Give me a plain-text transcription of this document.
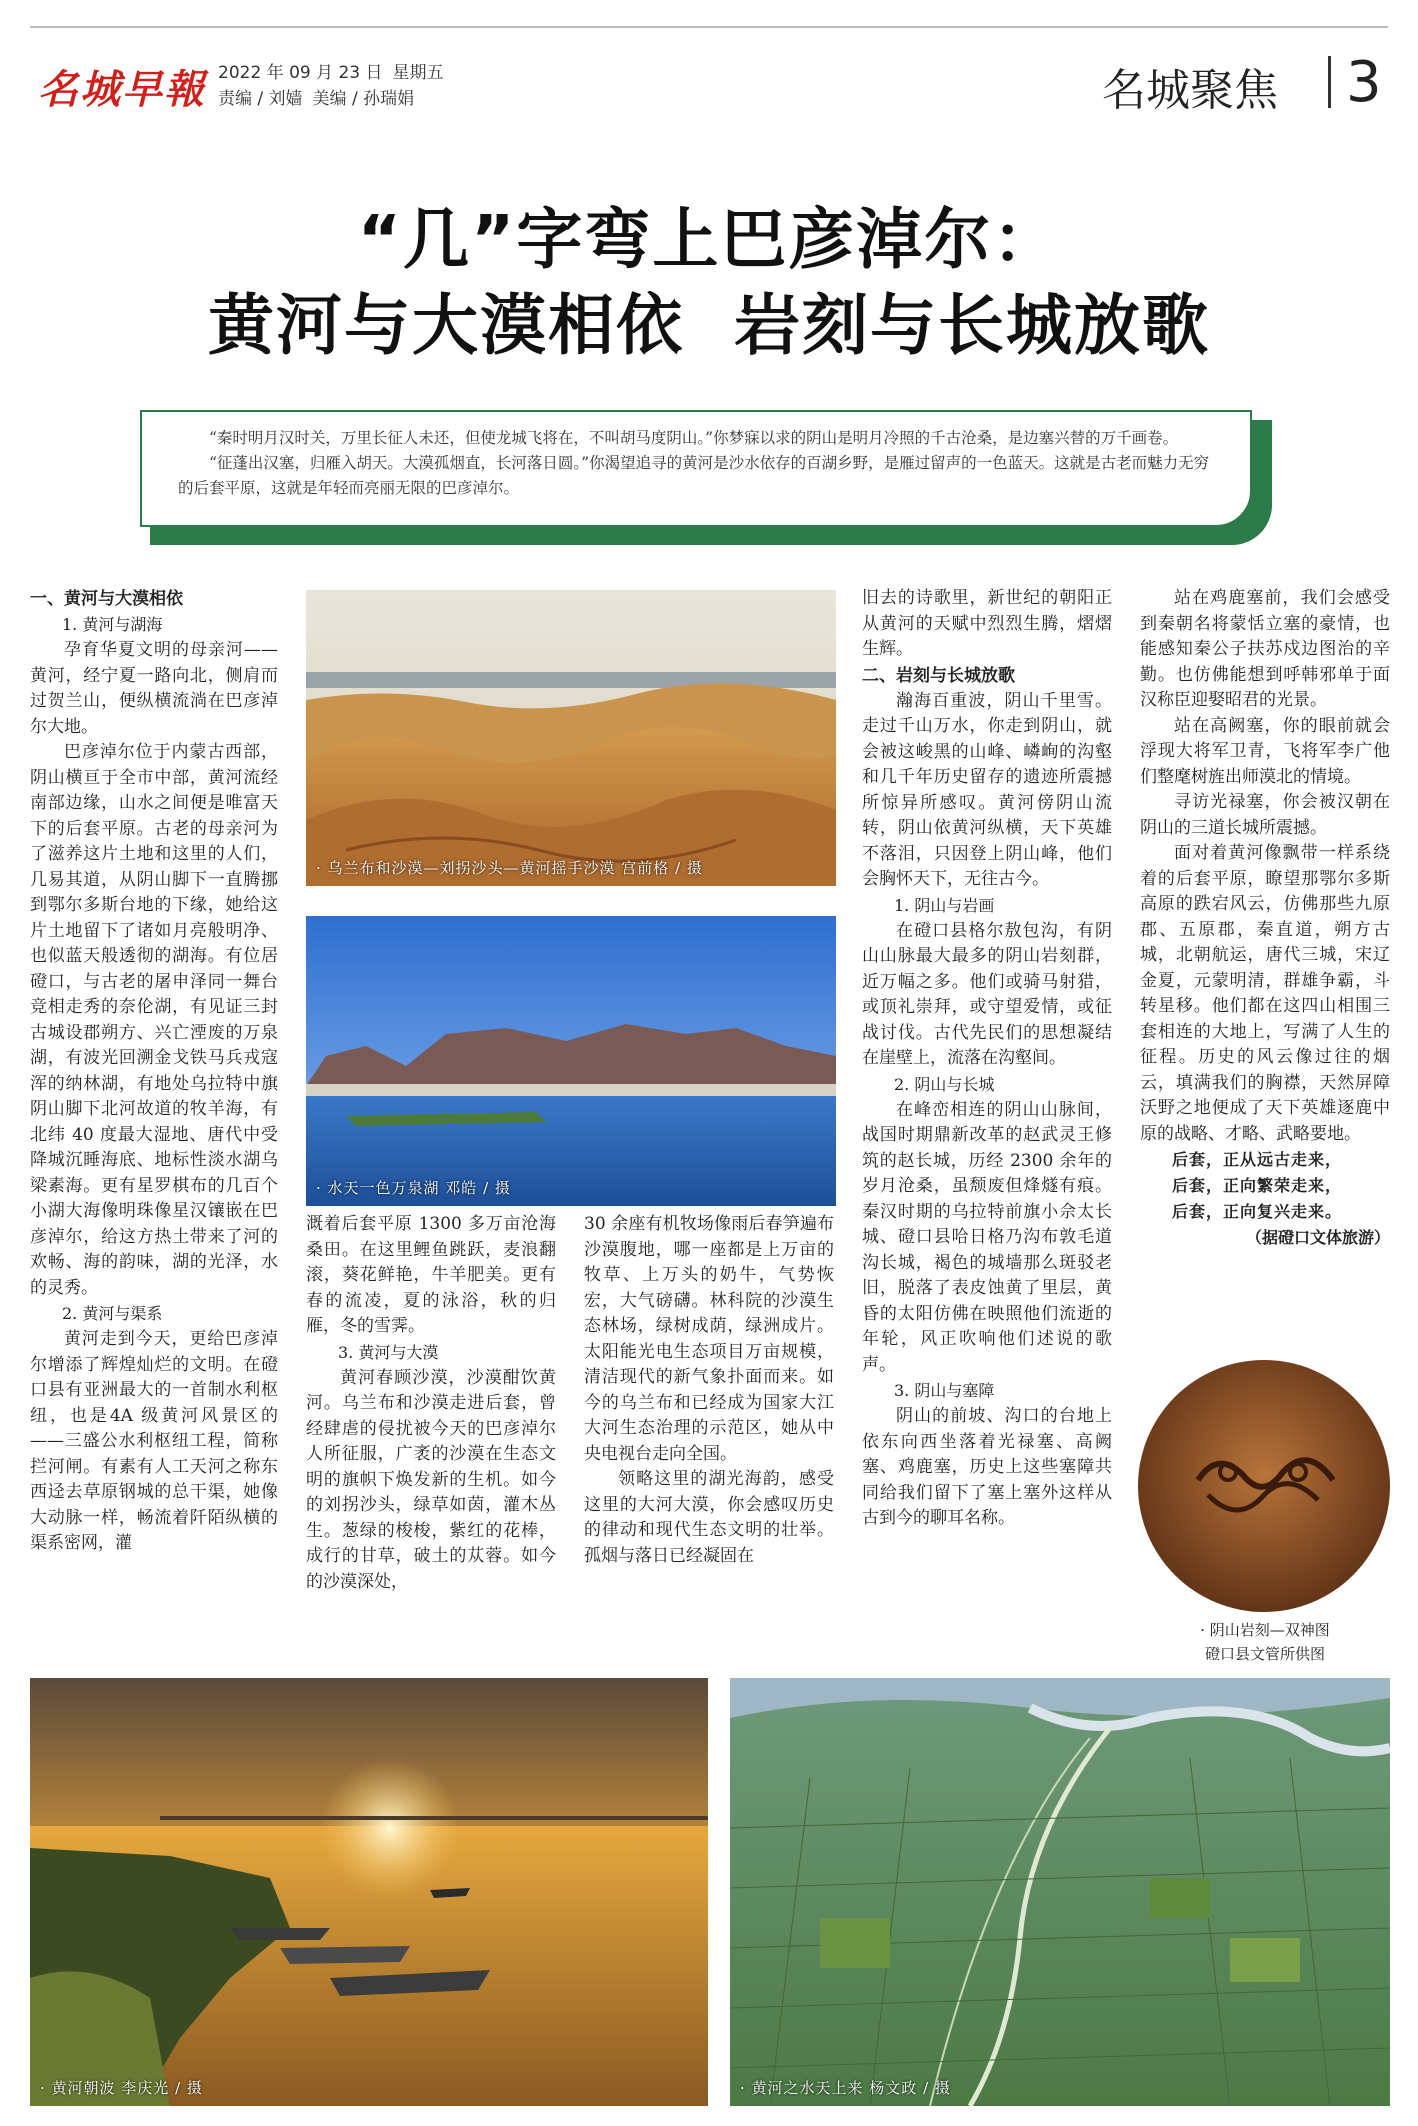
名城早報 2022 年 09 月 23 日 星期五
责编 / 刘嫱 美编 / 孙瑞娟	名城聚焦	3
“几”字弯上巴彦淖尔：
黄河与大漠相依  岩刻与长城放歌

“秦时明月汉时关，万里长征人未还，但使龙城飞将在，不叫胡马度阴山。”你梦寐以求的阴山是明月冷照的千古沧桑，是边塞兴替的万千画卷。

“征蓬出汉塞，归雁入胡天。大漠孤烟直，长河落日圆。”你渴望追寻的黄河是沙水依存的百湖乡野，是雁过留声的一色蓝天。这就是古老而魅力无穷的后套平原，这就是年轻而亮丽无限的巴彦淖尔。

一、黄河与大漠相依
1. 黄河与湖海

孕育华夏文明的母亲河——黄河，经宁夏一路向北，侧肩而过贺兰山，便纵横流淌在巴彦淖尔大地。

巴彦淖尔位于内蒙古西部，阴山横亘于全市中部，黄河流经南部边缘，山水之间便是唯富天下的后套平原。古老的母亲河为了滋养这片土地和这里的人们，几易其道，从阴山脚下一直腾挪到鄂尔多斯台地的下缘，她给这片土地留下了诸如月亮般明净、也似蓝天般透彻的湖海。有位居磴口，与古老的屠申泽同一舞台竞相走秀的奈伦湖，有见证三封古城设郡朔方、兴亡湮废的万泉湖，有波光回溯金戈铁马兵戎寇浑的纳林湖，有地处乌拉特中旗阴山脚下北河故道的牧羊海，有北纬 40 度最大湿地、唐代中受降城沉睡海底、地标性淡水湖乌梁素海。更有星罗棋布的几百个小湖大海像明珠像星汉镶嵌在巴彦淖尔，给这方热土带来了河的欢畅、海的韵味，湖的光泽，水的灵秀。

2. 黄河与渠系

黄河走到今天，更给巴彦淖尔增添了辉煌灿烂的文明。在磴口县有亚洲最大的一首制水利枢纽，也是4A 级黄河风景区的——三盛公水利枢纽工程，简称拦河闸。有素有人工天河之称东西迳去草原钢城的总干渠，她像大动脉一样，畅流着阡陌纵横的渠系密网，灌

· 乌兰布和沙漠—刘拐沙头—黄河摇手沙漠 宫前格 / 摄
· 水天一色万泉湖 邓皓 / 摄

溉着后套平原 1300 多万亩沧海桑田。在这里鲤鱼跳跃，麦浪翻滚，葵花鲜艳，牛羊肥美。更有春的流凌，夏的泳浴，秋的归雁，冬的雪霁。

3. 黄河与大漠

黄河春顾沙漠，沙漠酣饮黄河。乌兰布和沙漠走进后套，曾经肆虐的侵扰被今天的巴彦淖尔人所征服，广袤的沙漠在生态文明的旗帜下焕发新的生机。如今的刘拐沙头，绿草如茵，灌木丛生。葱绿的梭梭，紫红的花棒，成行的甘草，破土的苁蓉。如今的沙漠深处，

30 余座有机牧场像雨后春笋遍布沙漠腹地，哪一座都是上万亩的牧草、上万头的奶牛，气势恢宏，大气磅礴。林科院的沙漠生态林场，绿树成荫，绿洲成片。太阳能光电生态项目万亩规模，清洁现代的新气象扑面而来。如今的乌兰布和已经成为国家大江大河生态治理的示范区，她从中央电视台走向全国。

领略这里的湖光海韵，感受这里的大河大漠，你会感叹历史的律动和现代生态文明的壮举。孤烟与落日已经凝固在

旧去的诗歌里，新世纪的朝阳正从黄河的天赋中烈烈生腾，熠熠生辉。

二、岩刻与长城放歌

瀚海百重波，阴山千里雪。走过千山万水，你走到阴山，就会被这峻黑的山峰、嶙峋的沟壑和几千年历史留存的遗迹所震撼所惊异所感叹。黄河傍阴山流转，阴山依黄河纵横，天下英雄不落泪，只因登上阴山峰，他们会胸怀天下，无往古今。

1. 阴山与岩画

在磴口县格尔敖包沟，有阴山山脉最大最多的阴山岩刻群，近万幅之多。他们或骑马射猎，或顶礼崇拜，或守望爱情，或征战讨伐。古代先民们的思想凝结在崖壁上，流落在沟壑间。

2. 阴山与长城

在峰峦相连的阴山山脉间，战国时期鼎新改革的赵武灵王修筑的赵长城，历经 2300 余年的岁月沧桑，虽颓废但烽燧有痕。秦汉时期的乌拉特前旗小佘太长城、磴口县哈日格乃沟布敦毛道沟长城，褐色的城墙那么斑驳老旧，脱落了表皮蚀黄了里层，黄昏的太阳仿佛在映照他们流逝的年轮，风正吹响他们述说的歌声。

3. 阴山与塞障

阴山的前坡、沟口的台地上依东向西坐落着光禄塞、高阙塞、鸡鹿塞，历史上这些塞障共同给我们留下了塞上塞外这样从古到今的聊耳名称。

站在鸡鹿塞前，我们会感受到秦朝名将蒙恬立塞的豪情，也能感知秦公子扶苏戍边图治的辛勤。也仿佛能想到呼韩邪单于面汉称臣迎娶昭君的光景。

站在高阙塞，你的眼前就会浮现大将军卫青，飞将军李广他们整麾树旌出师漠北的情境。

寻访光禄塞，你会被汉朝在阴山的三道长城所震撼。

面对着黄河像飘带一样系绕着的后套平原，瞭望那鄂尔多斯高原的跌宕风云，仿佛那些九原郡、五原郡，秦直道，朔方古城，北朝航运，唐代三城，宋辽金夏，元蒙明清，群雄争霸，斗转星移。他们都在这四山相围三套相连的大地上，写满了人生的征程。历史的风云像过往的烟云，填满我们的胸襟，天然屏障沃野之地便成了天下英雄逐鹿中原的战略、才略、武略要地。

后套，正从远古走来，
后套，正向繁荣走来，
后套，正向复兴走来。
（据磴口文体旅游）
· 阴山岩刻—双神图
磴口县文管所供图
· 黄河朝波 李庆光 / 摄	· 黄河之水天上来 杨文政 / 摄
